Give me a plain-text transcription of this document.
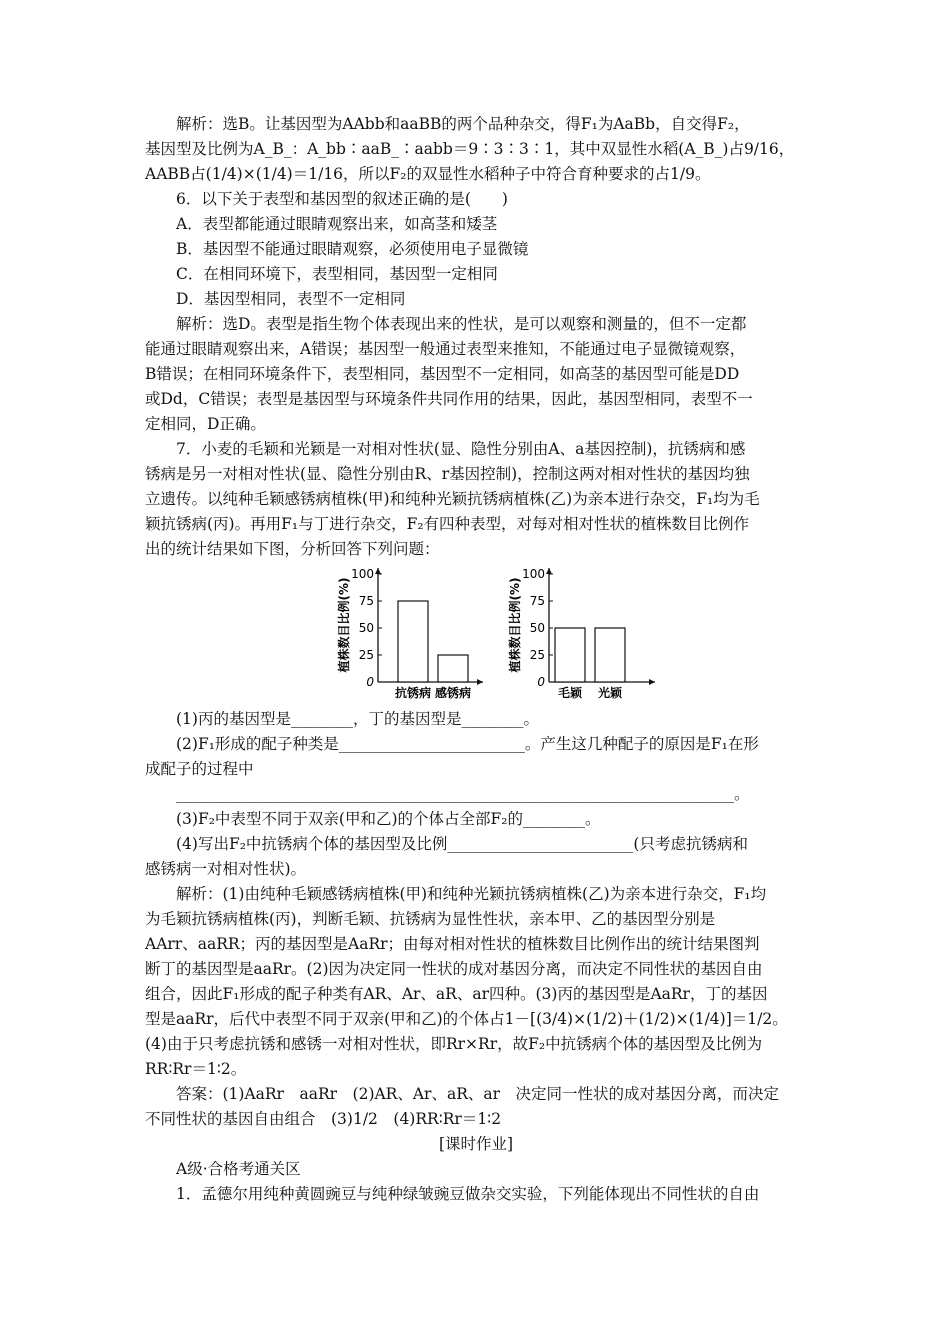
解析：选B。让基因型为AAbb和aaBB的两个品种杂交，得F₁为AaBb，自交得F₂，
基因型及比例为A_B_：A_bb∶aaB_∶aabb＝9∶3∶3∶1，其中双显性水稻(A_B_)占9/16，
AABB占(1/4)×(1/4)＝1/16，所以F₂的双显性水稻种子中符合育种要求的占1/9。
6．以下关于表型和基因型的叙述正确的是(　　)
A．表型都能通过眼睛观察出来，如高茎和矮茎
B．基因型不能通过眼睛观察，必须使用电子显微镜
C．在相同环境下，表型相同，基因型一定相同
D．基因型相同，表型不一定相同
解析：选D。表型是指生物个体表现出来的性状，是可以观察和测量的，但不一定都
能通过眼睛观察出来，A错误；基因型一般通过表型来推知，不能通过电子显微镜观察，
B错误；在相同环境条件下，表型相同，基因型不一定相同，如高茎的基因型可能是DD
或Dd，C错误；表型是基因型与环境条件共同作用的结果，因此，基因型相同，表型不一
定相同，D正确。
7．小麦的毛颖和光颖是一对相对性状(显、隐性分别由A、a基因控制)，抗锈病和感
锈病是另一对相对性状(显、隐性分别由R、r基因控制)，控制这两对相对性状的基因均独
立遗传。以纯种毛颖感锈病植株(甲)和纯种光颖抗锈病植株(乙)为亲本进行杂交，F₁均为毛
颖抗锈病(丙)。再用F₁与丁进行杂交，F₂有四种表型，对每对相对性状的植株数目比例作
出的统计结果如下图，分析回答下列问题：
植株数目比例(%)
0
25
50
75
100
抗锈病 感锈病
植株数目比例(%)
0
25
50
75
100
毛颖 光颖
(1)丙的基因型是________，丁的基因型是________。
(2)F₁形成的配子种类是________________________。产生这几种配子的原因是F₁在形
成配子的过程中
________________________________________________________________________。
(3)F₂中表型不同于双亲(甲和乙)的个体占全部F₂的________。
(4)写出F₂中抗锈病个体的基因型及比例________________________(只考虑抗锈病和
感锈病一对相对性状)。
解析：(1)由纯种毛颖感锈病植株(甲)和纯种光颖抗锈病植株(乙)为亲本进行杂交，F₁均
为毛颖抗锈病植株(丙)，判断毛颖、抗锈病为显性性状，亲本甲、乙的基因型分别是
AArr、aaRR；丙的基因型是AaRr；由每对相对性状的植株数目比例作出的统计结果图判
断丁的基因型是aaRr。(2)因为决定同一性状的成对基因分离，而决定不同性状的基因自由
组合，因此F₁形成的配子种类有AR、Ar、aR、ar四种。(3)丙的基因型是AaRr，丁的基因
型是aaRr，后代中表型不同于双亲(甲和乙)的个体占1－[(3/4)×(1/2)＋(1/2)×(1/4)]＝1/2。
(4)由于只考虑抗锈和感锈一对相对性状，即Rr×Rr，故F₂中抗锈病个体的基因型及比例为
RR∶Rr＝1∶2。
答案：(1)AaRr　aaRr　(2)AR、Ar、aR、ar　决定同一性状的成对基因分离，而决定
不同性状的基因自由组合　(3)1/2　(4)RR∶Rr＝1∶2
[课时作业]
A级·合格考通关区
1．孟德尔用纯种黄圆豌豆与纯种绿皱豌豆做杂交实验，下列能体现出不同性状的自由
